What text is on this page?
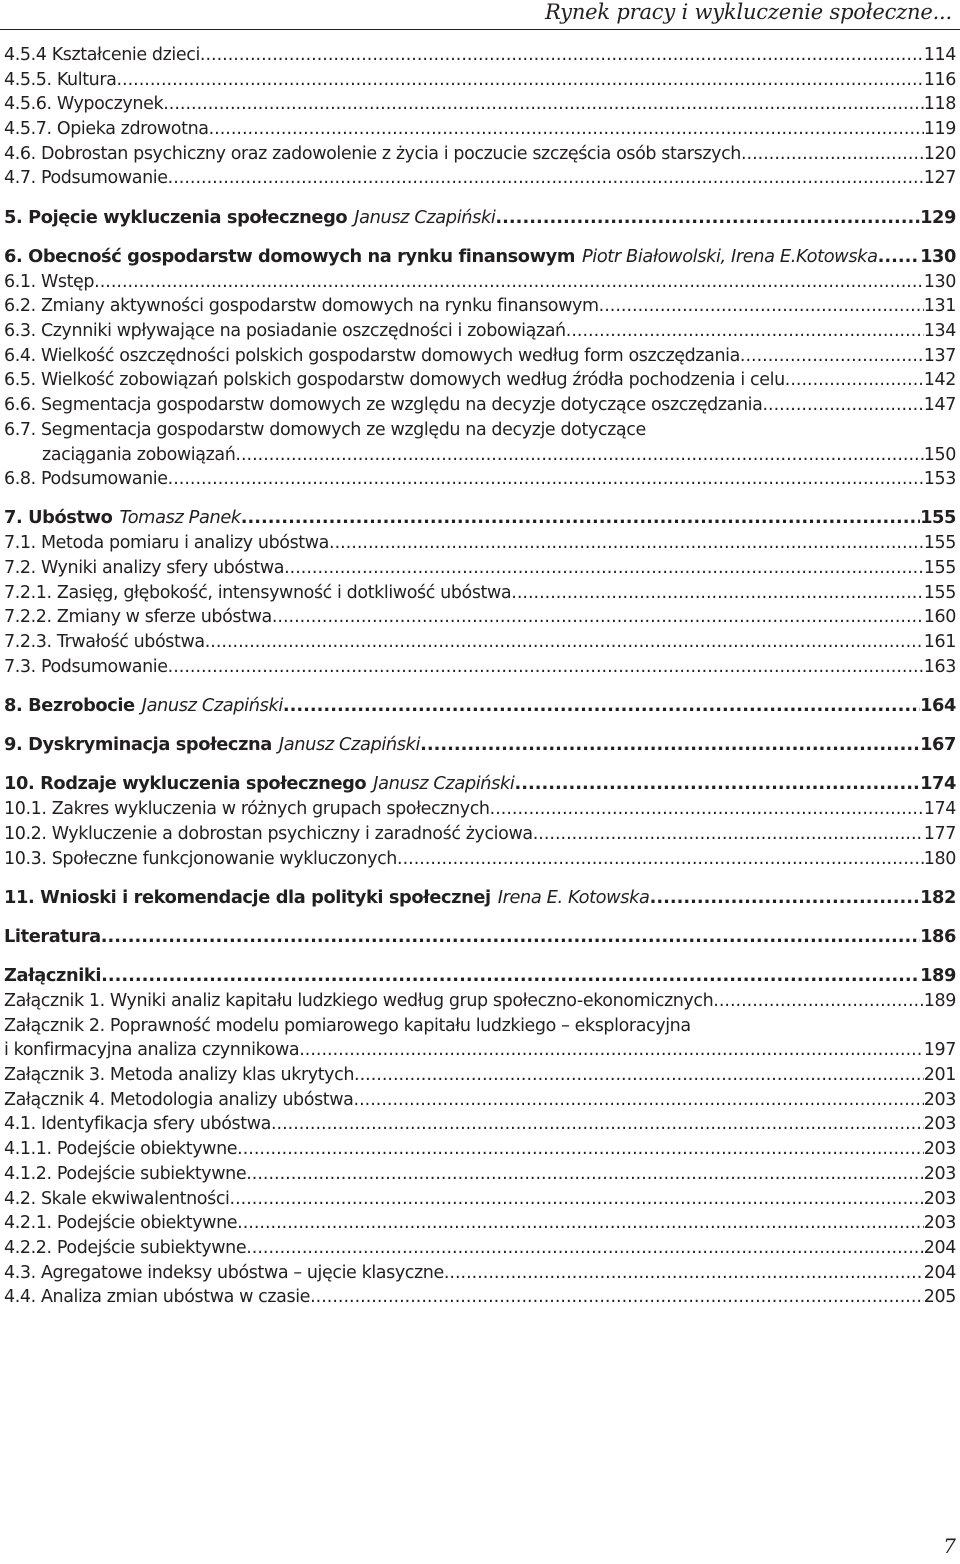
Rynek pracy i wykluczenie społeczne...
4.5.4 Kształcenie dzieci .....	114
4.5.5. Kultura .....	116
4.5.6. Wypoczynek .....	118
4.5.7. Opieka zdrowotna .....	119
4.6. Dobrostan psychiczny oraz zadowolenie z życia i poczucie szczęścia osób starszych .....	120
4.7. Podsumowanie .....	127
5. Pojęcie wykluczenia społecznego Janusz Czapiński .....	129
6. Obecność gospodarstw domowych na rynku finansowym Piotr Białowolski, Irena E.Kotowska ..... 130
6.1. Wstęp .....	130
6.2. Zmiany aktywności gospodarstw domowych na rynku finansowym .....	131
6.3. Czynniki wpływające na posiadanie oszczędności i zobowiązań .....	134
6.4. Wielkość oszczędności polskich gospodarstw domowych według form oszczędzania .....	137
6.5. Wielkość zobowiązań polskich gospodarstw domowych według źródła pochodzenia i celu .....	142
6.6. Segmentacja gospodarstw domowych ze względu na decyzje dotyczące oszczędzania .....	147
6.7. Segmentacja gospodarstw domowych ze względu na decyzje dotyczące
zaciągania zobowiązań .....	150
6.8. Podsumowanie .....	153
7. Ubóstwo Tomasz Panek .....	155
7.1. Metoda pomiaru i analizy ubóstwa .....	155
7.2. Wyniki analizy sfery ubóstwa .....	155
7.2.1. Zasięg, głębokość, intensywność i dotkliwość ubóstwa .....	155
7.2.2. Zmiany w sferze ubóstwa .....	160
7.2.3. Trwałość ubóstwa .....	161
7.3. Podsumowanie .....	163
8. Bezrobocie Janusz Czapiński .....	164
9. Dyskryminacja społeczna Janusz Czapiński .....	167
10. Rodzaje wykluczenia społecznego Janusz Czapiński .....	174
10.1. Zakres wykluczenia w różnych grupach społecznych .....	174
10.2. Wykluczenie a dobrostan psychiczny i zaradność życiowa .....	177
10.3. Społeczne funkcjonowanie wykluczonych .....	180
11. Wnioski i rekomendacje dla polityki społecznej Irena E. Kotowska .....	182
Literatura .....	186
Załączniki .....	189
Załącznik 1. Wyniki analiz kapitału ludzkiego według grup społeczno-ekonomicznych .....	189
Załącznik 2. Poprawność modelu pomiarowego kapitału ludzkiego – eksploracyjna
i konfirmacyjna analiza czynnikowa .....	197
Załącznik 3. Metoda analizy klas ukrytych .....	201
Załącznik 4. Metodologia analizy ubóstwa .....	203
4.1. Identyfikacja sfery ubóstwa .....	203
4.1.1. Podejście obiektywne .....	203
4.1.2. Podejście subiektywne .....	203
4.2. Skale ekwiwalentności .....	203
4.2.1. Podejście obiektywne .....	203
4.2.2. Podejście subiektywne .....	204
4.3. Agregatowe indeksy ubóstwa – ujęcie klasyczne .....	204
4.4. Analiza zmian ubóstwa w czasie .....	205
7
